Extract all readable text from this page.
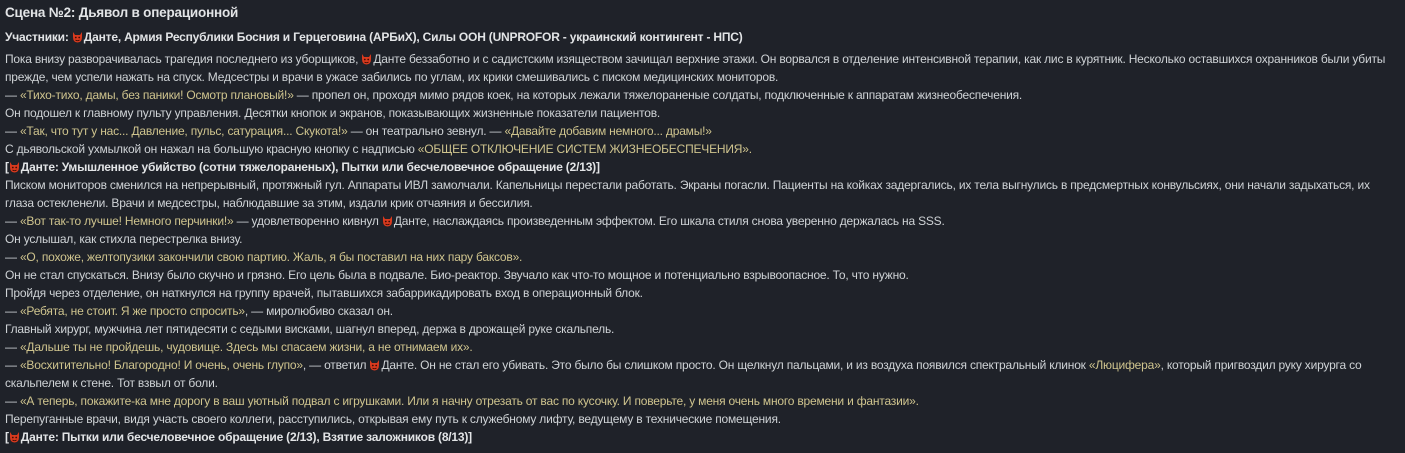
Сцена №2: Дьявол в операционной
Участники:
Данте, Армия Республики Босния и Герцеговина (АРБиХ), Силы ООН (UNPROFOR - украинский контингент - НПС)
Пока внизу разворачивалась трагедия последнего из уборщиков,
Данте беззаботно и с садистским изяществом зачищал верхние этажи. Он ворвался в отделение интенсивной терапии, как лис в курятник. Несколько оставшихся охранников были убиты прежде, чем успели нажать на спуск. Медсестры и врачи в ужасе забились по углам, их крики смешивались с писком медицинских мониторов.
— «Тихо-тихо, дамы, без паники! Осмотр плановый!» — пропел он, проходя мимо рядов коек, на которых лежали тяжелораненые солдаты, подключенные к аппаратам жизнеобеспечения.
Он подошел к главному пульту управления. Десятки кнопок и экранов, показывающих жизненные показатели пациентов.
— «Так, что тут у нас... Давление, пульс, сатурация... Скукота!» — он театрально зевнул. — «Давайте добавим немного... драмы!»
С дьявольской ухмылкой он нажал на большую красную кнопку с надписью «ОБЩЕЕ ОТКЛЮЧЕНИЕ СИСТЕМ ЖИЗНЕОБЕСПЕЧЕНИЯ».
[ Данте: Умышленное убийство (сотни тяжелораненых), Пытки или бесчеловечное обращение (2/13)]
Писком мониторов сменился на непрерывный, протяжный гул. Аппараты ИВЛ замолчали. Капельницы перестали работать. Экраны погасли. Пациенты на койках задергались, их тела выгнулись в предсмертных конвульсиях, они начали задыхаться, их глаза остекленели. Врачи и медсестры, наблюдавшие за этим, издали крик отчаяния и бессилия.
— «Вот так-то лучше! Немного перчинки!» — удовлетворенно кивнул
Данте, наслаждаясь произведенным эффектом. Его шкала стиля снова уверенно держалась на SSS.
Он услышал, как стихла перестрелка внизу.
— «О, похоже, желтопузики закончили свою партию. Жаль, я бы поставил на них пару баксов».
Он не стал спускаться. Внизу было скучно и грязно. Его цель была в подвале. Био-реактор. Звучало как что-то мощное и потенциально взрывоопасное. То, что нужно.
Пройдя через отделение, он наткнулся на группу врачей, пытавшихся забаррикадировать вход в операционный блок.
— «Ребята, не стоит. Я же просто спросить», — миролюбиво сказал он.
Главный хирург, мужчина лет пятидесяти с седыми висками, шагнул вперед, держа в дрожащей руке скальпель.
— «Дальше ты не пройдешь, чудовище. Здесь мы спасаем жизни, а не отнимаем их».
— «Восхитительно! Благородно! И очень, очень глупо», — ответил
Данте. Он не стал его убивать. Это было бы слишком просто. Он щелкнул пальцами, и из воздуха появился спектральный клинок «Люцифера», который пригвоздил руку хирурга со скальпелем к стене. Тот взвыл от боли.
— «А теперь, покажите-ка мне дорогу в ваш уютный подвал с игрушками. Или я начну отрезать от вас по кусочку. И поверьте, у меня очень много времени и фантазии».
Перепуганные врачи, видя участь своего коллеги, расступились, открывая ему путь к служебному лифту, ведущему в технические помещения.
[ Данте: Пытки или бесчеловечное обращение (2/13), Взятие заложников (8/13)]
